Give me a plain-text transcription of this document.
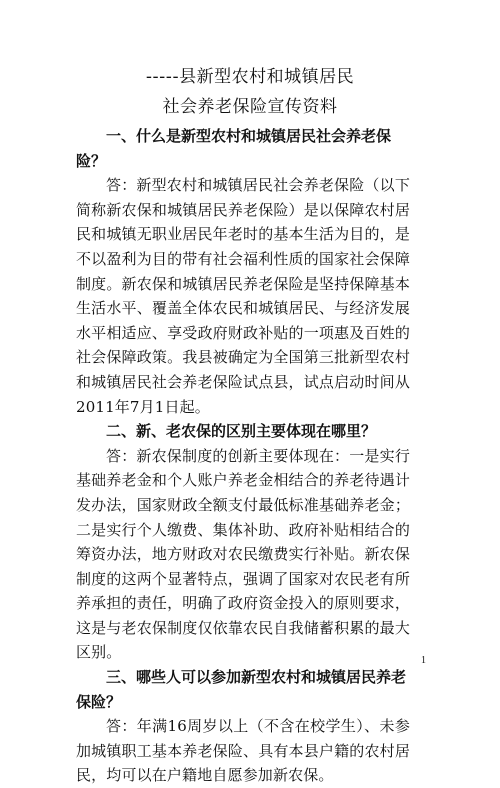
-----县新型农村和城镇居民
社会养老保险宣传资料

一、什么是新型农村和城镇居民社会养老保险？

答：新型农村和城镇居民社会养老保险（以下简称新农保和城镇居民养老保险）是以保障农村居民和城镇无职业居民年老时的基本生活为目的，是不以盈利为目的带有社会福利性质的国家社会保障制度。新农保和城镇居民养老保险是坚持保障基本生活水平、覆盖全体农民和城镇居民、与经济发展水平相适应、享受政府财政补贴的一项惠及百姓的社会保障政策。我县被确定为全国第三批新型农村和城镇居民社会养老保险试点县，试点启动时间从2011年7月1日起。

二、新、老农保的区别主要体现在哪里？

答：新农保制度的创新主要体现在：一是实行基础养老金和个人账户养老金相结合的养老待遇计发办法，国家财政全额支付最低标准基础养老金；二是实行个人缴费、集体补助、政府补贴相结合的筹资办法，地方财政对农民缴费实行补贴。新农保制度的这两个显著特点，强调了国家对农民老有所养承担的责任，明确了政府资金投入的原则要求，这是与老农保制度仅依靠农民自我储蓄积累的最大区别。

三、哪些人可以参加新型农村和城镇居民养老保险？

答：年满16周岁以上（不含在校学生）、未参加城镇职工基本养老保险、具有本县户籍的农村居民，均可以在户籍地自愿参加新农保。

1
